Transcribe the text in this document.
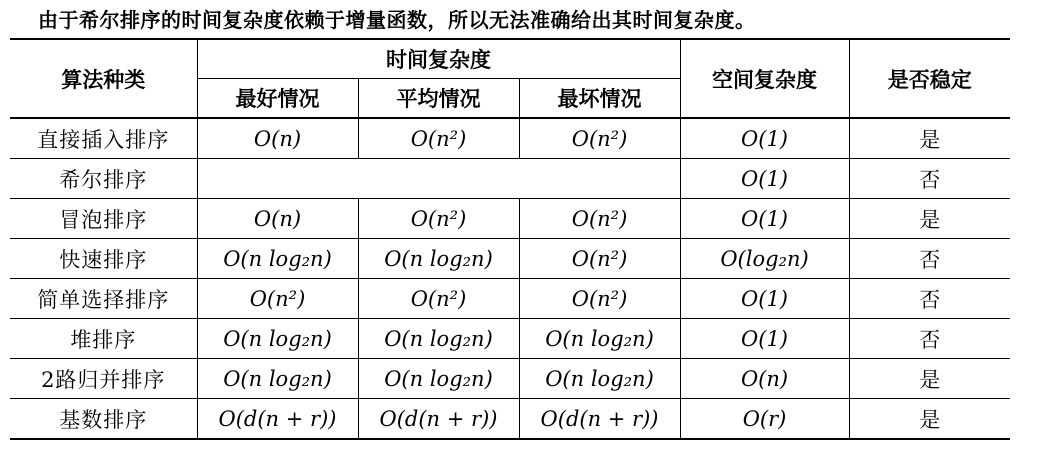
由于希尔排序的时间复杂度依赖于增量函数，所以无法准确给出其时间复杂度。
算法种类	时间复杂度			空间复杂度	是否稳定
	最好情况	平均情况	最坏情况		
直接插入排序	O(n)	O(n²)	O(n²)	O(1)	是
希尔排序				O(1)	否
冒泡排序	O(n)	O(n²)	O(n²)	O(1)	是
快速排序	O(n log₂n)	O(n log₂n)	O(n²)	O(log₂n)	否
简单选择排序	O(n²)	O(n²)	O(n²)	O(1)	否
堆排序	O(n log₂n)	O(n log₂n)	O(n log₂n)	O(1)	否
2路归并排序	O(n log₂n)	O(n log₂n)	O(n log₂n)	O(n)	是
基数排序	O(d(n + r))	O(d(n + r))	O(d(n + r))	O(r)	是
